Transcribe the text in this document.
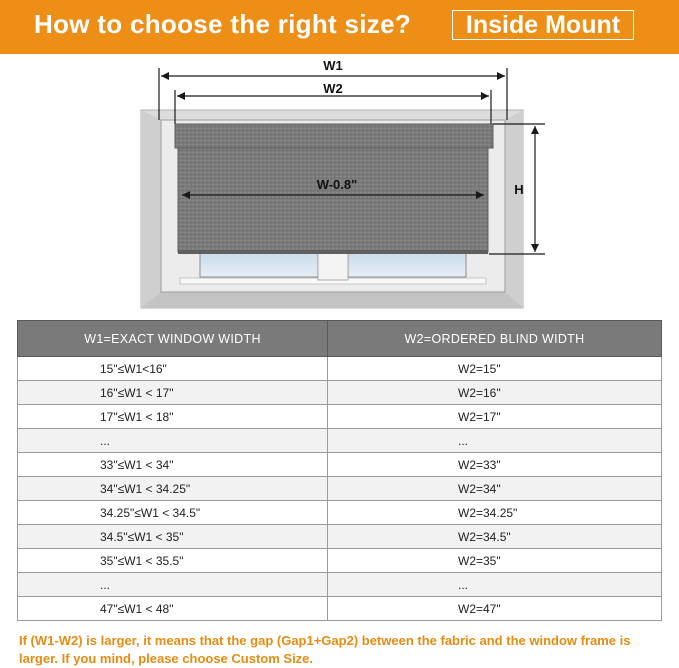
How to choose the right size?	Inside Mount
W-0.8"
W1
W2
H
W1=EXACT WINDOW WIDTH	W2=ORDERED BLIND WIDTH
15"≤W1<16"	W2=15"
16"≤W1 < 17"	W2=16"
17"≤W1 < 18"	W2=17"
...	...
33"≤W1 < 34"	W2=33"
34"≤W1 < 34.25"	W2=34"
34.25"≤W1 < 34.5"	W2=34.25"
34.5"≤W1 < 35"	W2=34.5"
35"≤W1 < 35.5"	W2=35"
...	...
47"≤W1 < 48"	W2=47"
If (W1-W2) is larger, it means that the gap (Gap1+Gap2) between the fabric and the window frame is larger. If you mind, please choose Custom Size.
